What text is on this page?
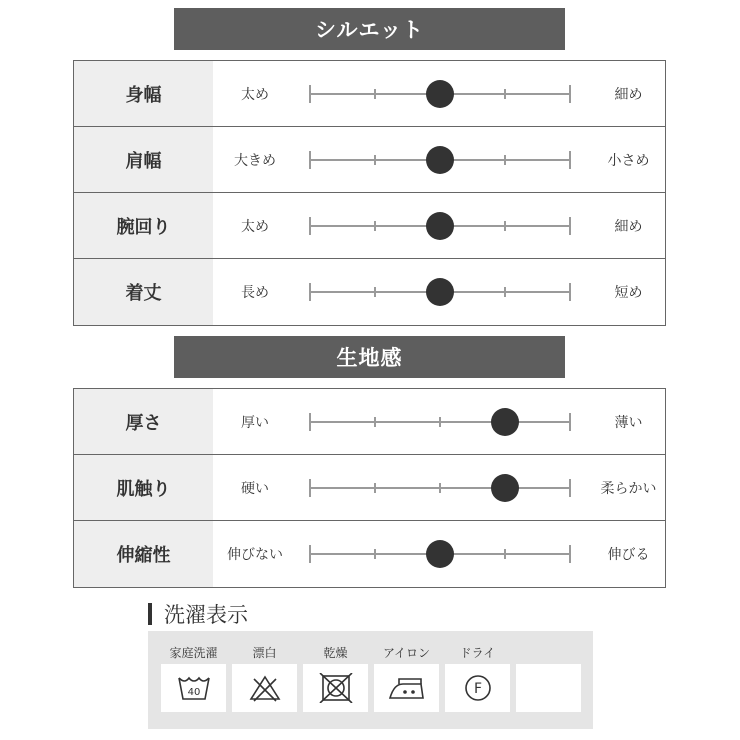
シルエット
身幅	太め	細め
肩幅	大きめ	小さめ
腕回り	太め	細め
着丈	長め	短め
生地感
厚さ	厚い	薄い
肌触り	硬い	柔らかい
伸縮性	伸びない	伸びる
洗濯表示
家庭洗濯
40
漂白	乾燥	アイロン	ドライ
F
